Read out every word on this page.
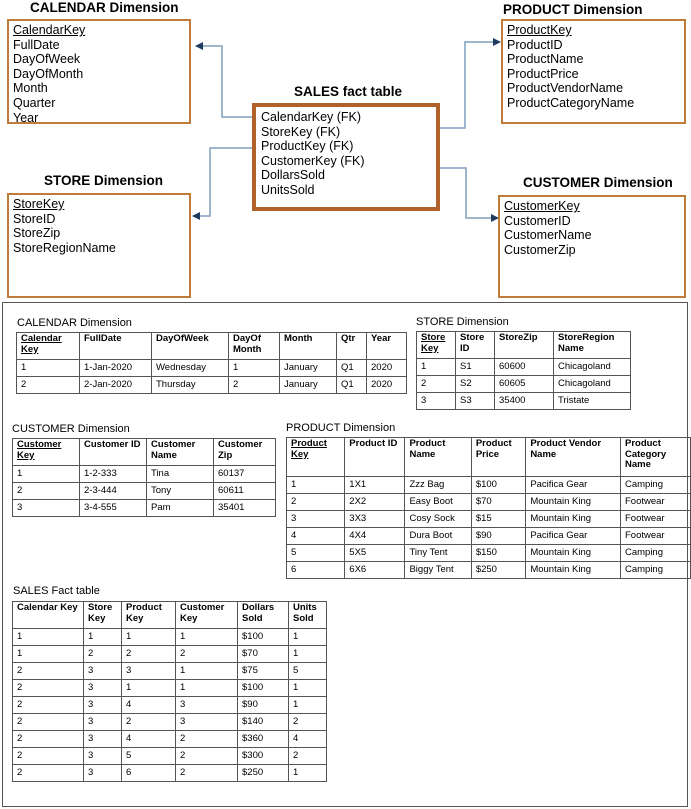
CALENDAR Dimension	PRODUCT Dimension
SALES fact table
STORE Dimension	CUSTOMER Dimension
CalendarKey
FullDate
DayOfWeek
DayOfMonth
Month
Quarter
Year
ProductKey
ProductID
ProductName
ProductPrice
ProductVendorName
ProductCategoryName
CalendarKey (FK)
StoreKey (FK)
ProductKey (FK)
CustomerKey (FK)
DollarsSold
UnitsSold
StoreKey
StoreID
StoreZip
StoreRegionName
CustomerKey
CustomerID
CustomerName
CustomerZip
CALENDAR Dimension
Calendar Key	FullDate	DayOfWeek	DayOf Month	Month	Qtr	Year
1	1-Jan-2020	Wednesday	1	January	Q1	2020
2	2-Jan-2020	Thursday	2	January	Q1	2020
STORE Dimension
Store Key	Store ID	StoreZip	StoreRegion Name
1	S1	60600	Chicagoland
2	S2	60605	Chicagoland
3	S3	35400	Tristate
CUSTOMER Dimension
Customer Key	Customer ID	Customer Name	Customer Zip
1	1-2-333	Tina	60137
2	2-3-444	Tony	60611
3	3-4-555	Pam	35401
PRODUCT Dimension
Product Key	Product ID	Product Name	Product Price	Product Vendor Name	Product Category Name
1	1X1	Zzz Bag	$100	Pacifica Gear	Camping
2	2X2	Easy Boot	$70	Mountain King	Footwear
3	3X3	Cosy Sock	$15	Mountain King	Footwear
4	4X4	Dura Boot	$90	Pacifica Gear	Footwear
5	5X5	Tiny Tent	$150	Mountain King	Camping
6	6X6	Biggy Tent	$250	Mountain King	Camping
SALES Fact table
Calendar Key	Store Key	Product Key	Customer Key	Dollars Sold	Units Sold
1	1	1	1	$100	1
1	2	2	2	$70	1
2	3	3	1	$75	5
2	3	1	1	$100	1
2	3	4	3	$90	1
2	3	2	3	$140	2
2	3	4	2	$360	4
2	3	5	2	$300	2
2	3	6	2	$250	1
